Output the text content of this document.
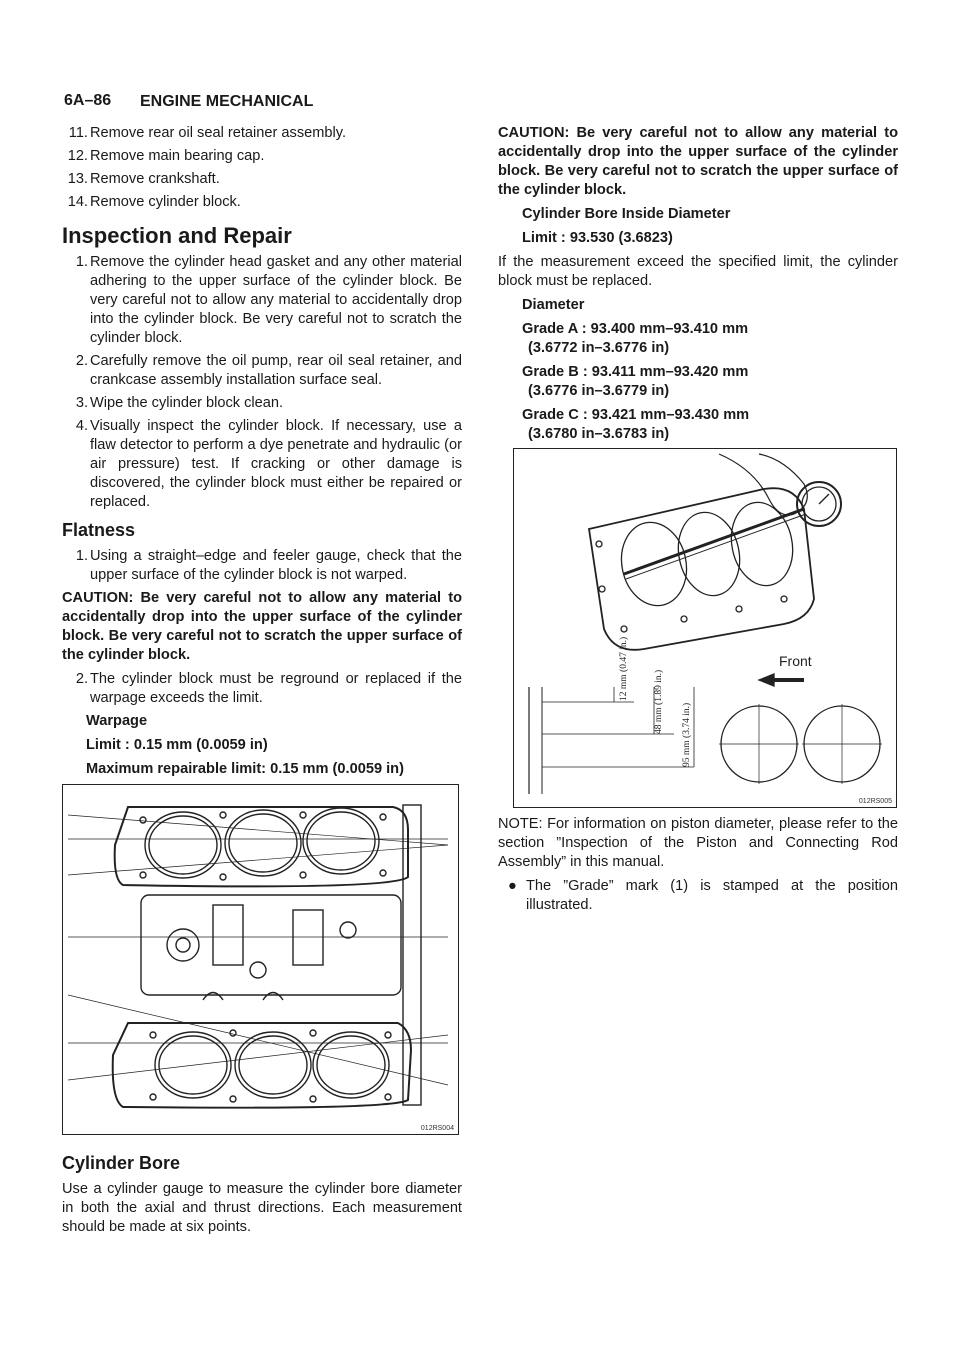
6A–86 ENGINE MECHANICAL
11. Remove rear oil seal retainer assembly.
12. Remove main bearing cap.
13. Remove crankshaft.
14. Remove cylinder block.
Inspection and Repair
1. Remove the cylinder head gasket and any other material adhering to the upper surface of the cylinder block. Be very careful not to allow any material to accidentally drop into the cylinder block. Be very careful not to scratch the cylinder block.
2. Carefully remove the oil pump, rear oil seal retainer, and crankcase assembly installation surface seal.
3. Wipe the cylinder block clean.
4. Visually inspect the cylinder block. If necessary, use a flaw detector to perform a dye penetrate and hydraulic (or air pressure) test. If cracking or other damage is discovered, the cylinder block must either be repaired or replaced.
Flatness
1. Using a straight–edge and feeler gauge, check that the upper surface of the cylinder block is not warped.
CAUTION: Be very careful not to allow any material to accidentally drop into the upper surface of the cylinder block. Be very careful not to scratch the upper surface of the cylinder block.
2. The cylinder block must be reground or replaced if the warpage exceeds the limit.
Warpage
Limit : 0.15 mm (0.0059 in)
Maximum repairable limit: 0.15 mm (0.0059 in)
012RS004
Cylinder Bore

Use a cylinder gauge to measure the cylinder bore diameter in both the axial and thrust directions. Each measurement should be made at six points.

CAUTION: Be very careful not to allow any material to accidentally drop into the upper surface of the cylinder block. Be very careful not to scratch the upper surface of the cylinder block.
Cylinder Bore Inside Diameter
Limit : 93.530 (3.6823)

If the measurement exceed the specified limit, the cylinder block must be replaced.

Diameter
Grade A : 93.400 mm–93.410 mm
(3.6772 in–3.6776 in)
Grade B : 93.411 mm–93.420 mm
(3.6776 in–3.6779 in)
Grade C : 93.421 mm–93.430 mm
(3.6780 in–3.6783 in)
Front
12 mm (0.47 in.)
48 mm (1.89 in.)
95 mm (3.74 in.)
012RS005

NOTE: For information on piston diameter, please refer to the section ”Inspection of the Piston and Connecting Rod Assembly” in this manual.

● The ”Grade” mark (1) is stamped at the position illustrated.
